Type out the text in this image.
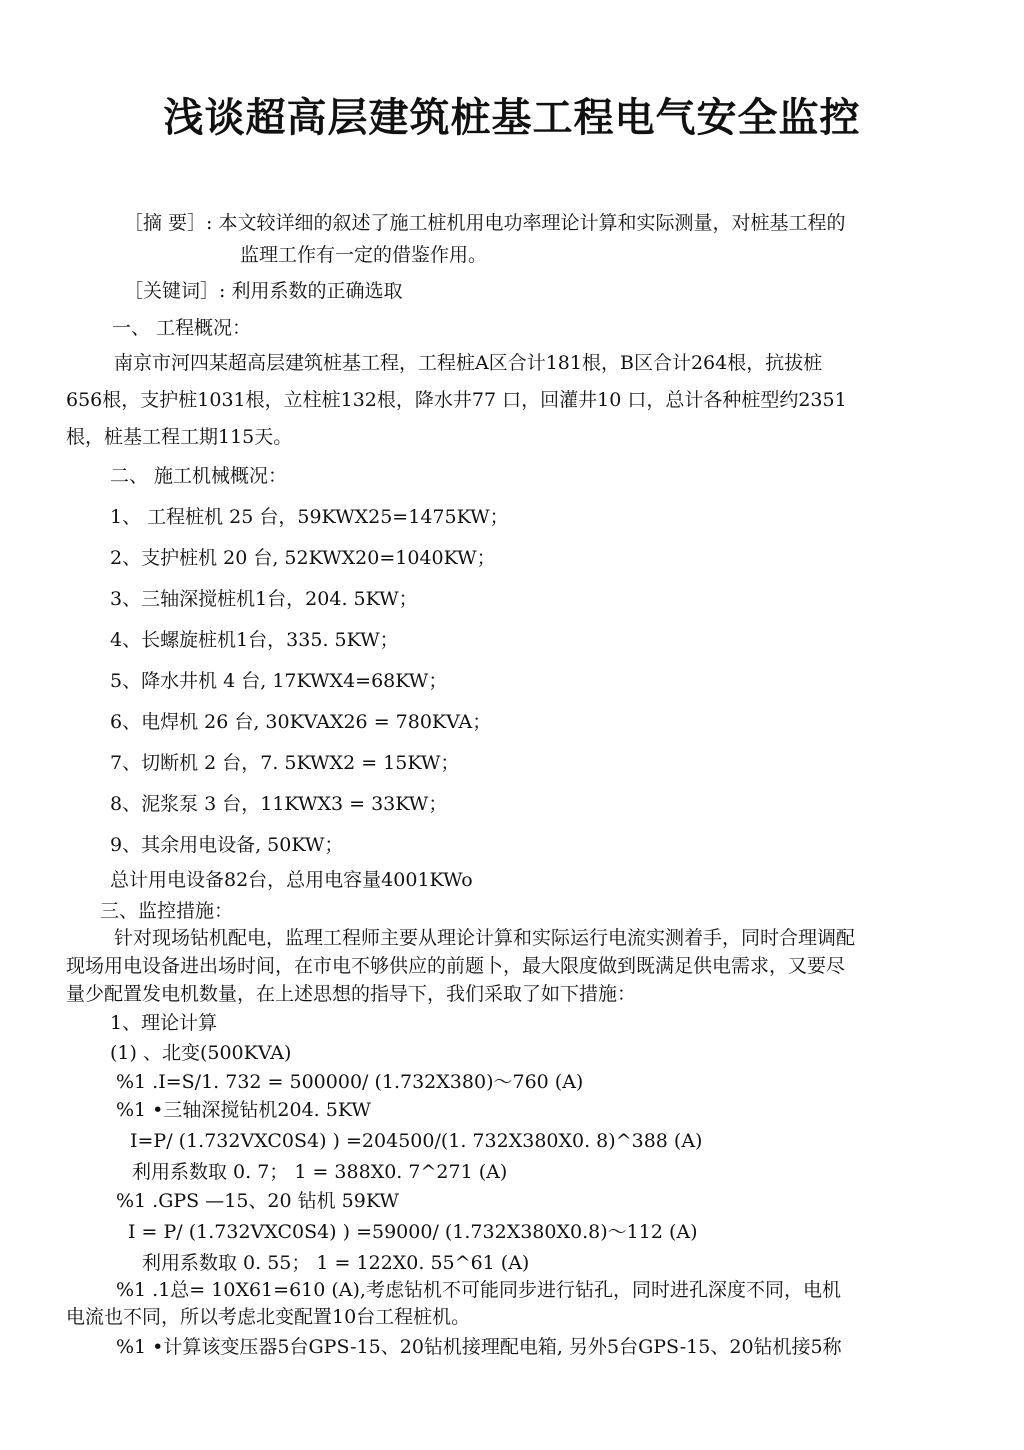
浅谈超高层建筑桩基工程电气安全监控
［摘 要］: 本文较详细的叙述了施工桩机用电功率理论计算和实际测量，对桩基工程的
监理工作有一定的借鉴作用。
［关键词］: 利用系数的正确选取
一、 工程概况：
南京市河四某超高层建筑桩基工程，工程桩A区合计181根，B区合计264根，抗拔桩
656根，支护桩1031根，立柱桩132根，降水井77 口，回灌井10 口，总计各种桩型约2351
根，桩基工程工期115天。
二、 施工机械概况：
1、 工程桩机 25 台，59KWX25=1475KW；
2、支护桩机 20 台, 52KWX20=1040KW；
3、三轴深搅桩机1台，204. 5KW；
4、长螺旋桩机1台，335. 5KW；
5、降水井机 4 台, 17KWX4=68KW；
6、电焊机 26 台, 30KVAX26 = 780KVA；
7、切断机 2 台，7. 5KWX2 = 15KW；
8、泥浆泵 3 台，11KWX3 = 33KW；
9、其余用电设备, 50KW；
总计用电设备82台，总用电容量4001KWo
三、监控措施：
针对现场钻机配电，监理工程师主要从理论计算和实际运行电流实测着手，同时合理调配
现场用电设备进出场时间，在市电不够供应的前题卜，最大限度做到既满足供电需求，又要尽
量少配置发电机数量，在上述思想的指导下，我们采取了如下措施：
1、理论计算
(1) 、北变(500KVA)
%1 .I=S/1. 732 = 500000/ (1.732X380)〜760 (A)
%1 •三轴深搅钻机204. 5KW
I=P/ (1.732VXC0S4) ) =204500/(1. 732X380X0. 8)^388 (A)
利用系数取 0. 7； 1 = 388X0. 7^271 (A)
%1 .GPS —15、20 钻机 59KW
I = P/ (1.732VXC0S4) ) =59000/ (1.732X380X0.8)〜112 (A)
利用系数取 0. 55； 1 = 122X0. 55^61 (A)
%1 .1总= 10X61=610 (A),考虑钻机不可能同步进行钻孔，同时进孔深度不同，电机
电流也不同，所以考虑北变配置10台工程桩机。
%1 •计算该变压器5台GPS-15、20钻机接理配电箱, 另外5台GPS-15、20钻机接5称
